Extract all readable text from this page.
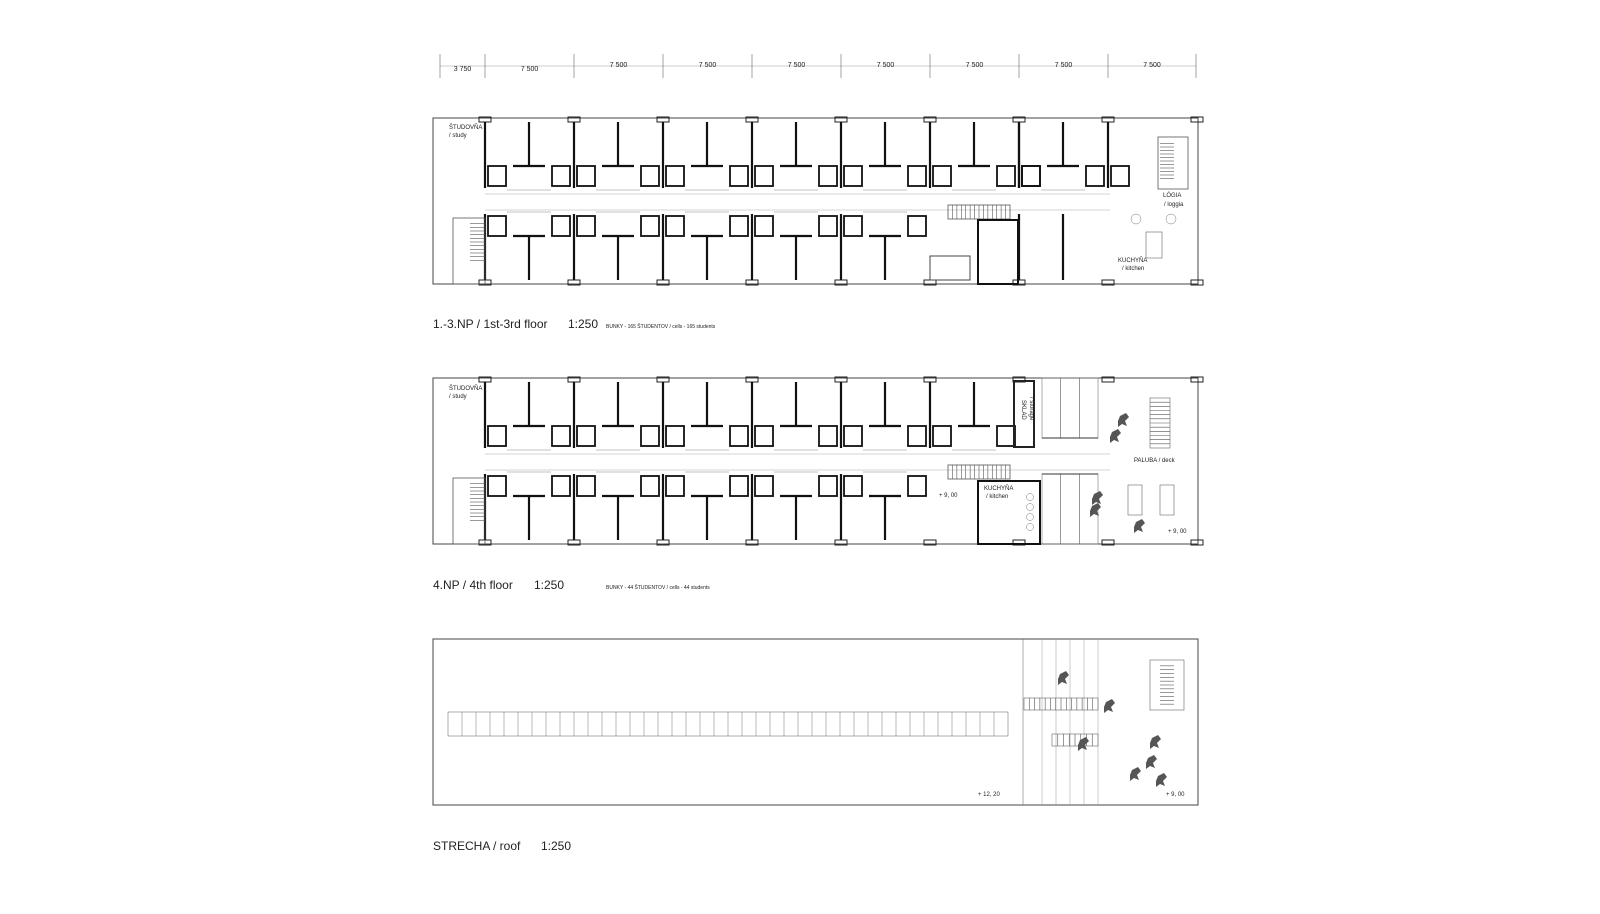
3 750	7 500
7 500	7 500	7 500	7 500	7 500	7 500	7 500
ŠTUDOVŇA
/ study
LÓGIA
/ loggia
KUCHYŇA
/ kitchen
1.-3.NP / 1st-3rd floor 1:250 BUNKY - 165 ŠTUDENTOV / cells - 165 students
ŠTUDOVŇA
/ study
SKLAD / storage
PALUBA / deck
KUCHYŇA
/ kitchen
+ 9, 00
+ 9, 00
4.NP / 4th floor 1:250	BUNKY - 44 ŠTUDENTOV / cells - 44 students
+ 12, 20	+ 9, 00
STRECHA / roof 1:250
